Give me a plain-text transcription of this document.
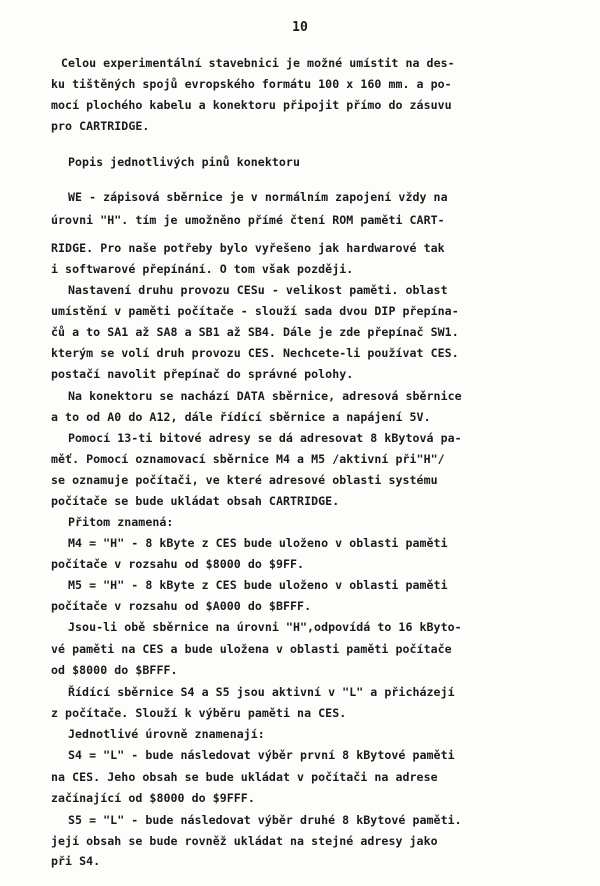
10
Celou experimentální stavebnici je možné umístit na des-
ku tištěných spojů evropského formátu 100 x 160 mm. a po-
mocí plochého kabelu a konektoru připojit přímo do zásuvu
pro CARTRIDGE.
Popis jednotlivých pinů konektoru
WE - zápisová sběrnice je v normálním zapojení vždy na
úrovni "H". tím je umožněno přímé čtení ROM paměti CART-
RIDGE. Pro naše potřeby bylo vyřešeno jak hardwarové tak
i softwarové přepínání. O tom však později.
Nastavení druhu provozu CESu - velikost paměti. oblast
umístění v paměti počítače - slouží sada dvou DIP přepína-
čů a to SA1 až SA8 a SB1 až SB4. Dále je zde přepínač SW1.
kterým se volí druh provozu CES. Nechcete-li používat CES.
postačí navolit přepínač do správné polohy.
Na konektoru se nachází DATA sběrnice, adresová sběrnice
a to od A0 do A12, dále řídící sběrnice a napájení 5V.
Pomocí 13-ti bitové adresy se dá adresovat 8 kBytová pa-
měť. Pomocí oznamovací sběrnice M4 a M5 /aktivní při"H"/
se oznamuje počítači, ve které adresové oblasti systému
počítače se bude ukládat obsah CARTRIDGE.
Přitom znamená:
M4 = "H" - 8 kByte z CES bude uloženo v oblasti paměti
počítače v rozsahu od $8000 do $9FF.
M5 = "H" - 8 kByte z CES bude uloženo v oblasti paměti
počítače v rozsahu od $A000 do $BFFF.
Jsou-li obě sběrnice na úrovni "H",odpovídá to 16 kByto-
vé paměti na CES a bude uložena v oblasti paměti počítače
od $8000 do $BFFF.
Řídící sběrnice S4 a S5 jsou aktivní v "L" a přicházejí
z počítače. Slouží k výběru paměti na CES.
Jednotlivé úrovně znamenají:
S4 = "L" - bude následovat výběr první 8 kBytové paměti
na CES. Jeho obsah se bude ukládat v počítači na adrese
začínající od $8000 do $9FFF.
S5 = "L" - bude následovat výběr druhé 8 kBytové paměti.
její obsah se bude rovněž ukládat na stejné adresy jako
při S4.
